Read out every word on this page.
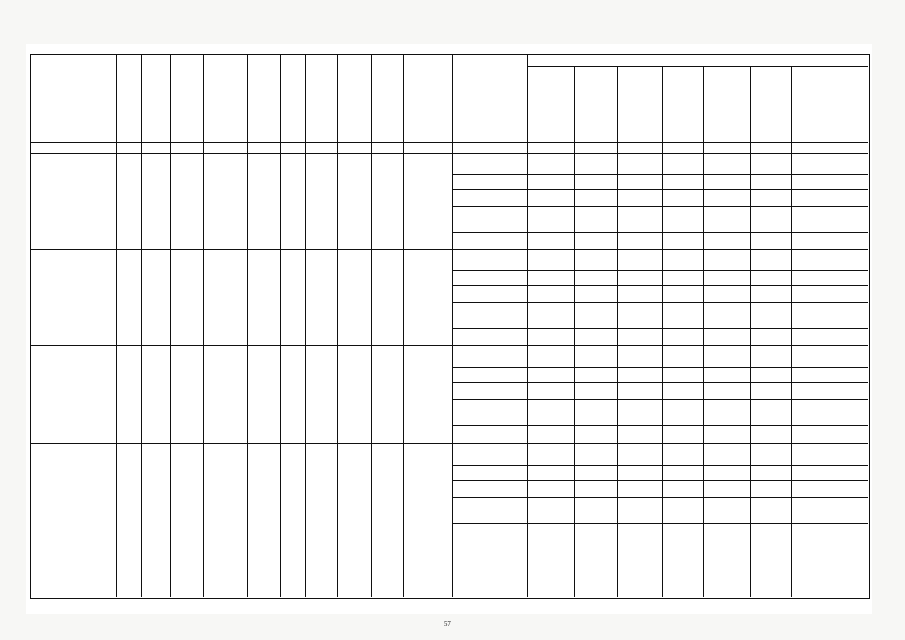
57
